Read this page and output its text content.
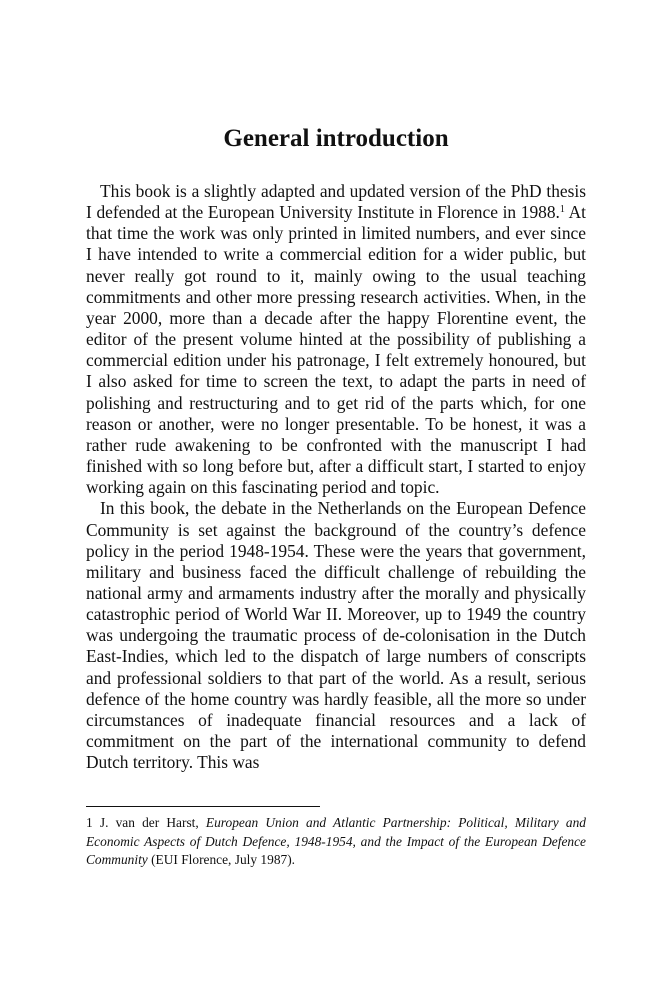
General introduction

This book is a slightly adapted and updated version of the PhD thesis I defended at the European University Institute in Florence in 1988.$^1$ At that time the work was only printed in limited numbers, and ever since I have intended to write a commercial edition for a wider public, but never really got round to it, mainly owing to the usual teaching commitments and other more pressing research activities. When, in the year 2000, more than a decade after the happy Florentine event, the editor of the present volume hinted at the possibility of publishing a commercial edition under his patronage, I felt extremely honoured, but I also asked for time to screen the text, to adapt the parts in need of polishing and restructuring and to get rid of the parts which, for one reason or another, were no longer presentable. To be honest, it was a rather rude awakening to be confronted with the manuscript I had finished with so long before but, after a difficult start, I started to enjoy working again on this fascinating period and topic.

In this book, the debate in the Netherlands on the European Defence Community is set against the background of the country’s defence policy in the period 1948-1954. These were the years that government, military and business faced the difficult challenge of rebuilding the national army and armaments industry after the morally and physically catastrophic period of World War II. Moreover, up to 1949 the country was undergoing the traumatic process of de-colonisation in the Dutch East-Indies, which led to the dispatch of large numbers of conscripts and professional soldiers to that part of the world. As a result, serious defence of the home country was hardly feasible, all the more so under circumstances of inadequate financial resources and a lack of commitment on the part of the international community to defend Dutch territory. This was

1 J. van der Harst, European Union and Atlantic Partnership: Political, Military and Economic Aspects of Dutch Defence, 1948-1954, and the Impact of the European Defence Community (EUI Florence, July 1987).
